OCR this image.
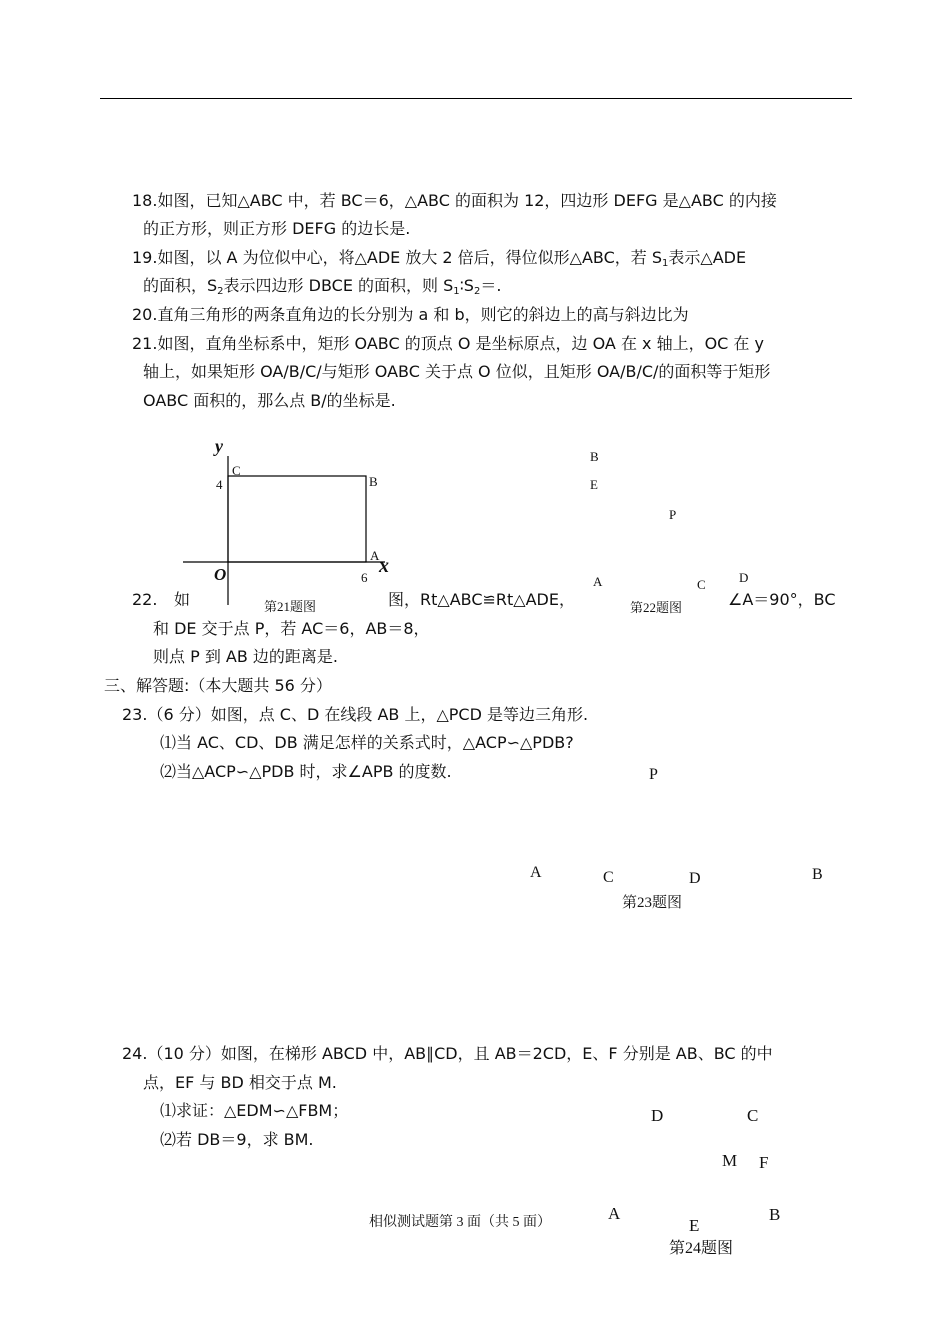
18.如图，已知△ABC 中，若 BC＝6，△ABC 的面积为 12，四边形 DEFG 是△ABC 的内接
的正方形，则正方形 DEFG 的边长是.
19.如图，以 A 为位似中心，将△ADE 放大 2 倍后，得位似形△ABC，若 $S_1$表示△ADE
的面积，$S_2$表示四边形 DBCE 的面积，则 $S_1∶S_2=$.
20.直角三角形的两条直角边的长分别为 a 和 b，则它的斜边上的高与斜边比为
21.如图，直角坐标系中，矩形 OABC 的顶点 O 是坐标原点，边 OA 在 x 轴上，OC 在 y
轴上，如果矩形 OA/B/C/与矩形 OABC 关于点 O 位似，且矩形 OA/B/C/的面积等于矩形
OABC 面积的，那么点 B/的坐标是.
y
x
O
4
6
C
B
A
第21题图
22. 如	图，Rt△ABC≌Rt△ADE，	∠A＝90°，BC
和 DE 交于点 P，若 AC＝6，AB＝8，
则点 P 到 AB 边的距离是.
B
E
P
A	C	D
第22题图
三、解答题:（本大题共 56 分）
23.（6 分）如图，点 C、D 在线段 AB 上，△PCD 是等边三角形.
⑴当 AC、CD、DB 满足怎样的关系式时，△ACP∽△PDB?
⑵当△ACP∽△PDB 时，求∠APB 的度数.	P
A	C	D	B
第23题图
24.（10 分）如图，在梯形 ABCD 中，AB∥CD，且 AB＝2CD，E、F 分别是 AB、BC 的中
点，EF 与 BD 相交于点 M.
⑴求证：△EDM∽△FBM；
⑵若 DB＝9，求 BM.
D	C
M F
A
E
B
第24题图
相似测试题第 3 面（共 5 面）
